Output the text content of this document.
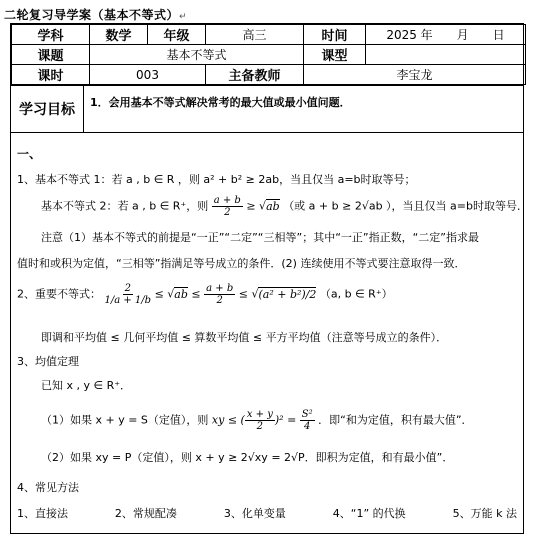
二轮复习导学案（基本不等式）↵
学科	数学	年级	高三	时间	2025 年　　月　　日
课题	基本不等式			课型	
课时	003		主备教师	李宝龙	
学习目标	1．会用基本不等式解决常考的最大值或最小值问题．
一、
1、基本不等式 1：若 a , b ∈ R ，则 a² + b² ≥ 2ab，当且仅当 a=b时取等号；
基本不等式 2：若 a , b ∈ R⁺，则 $\frac{a + b}{2} \ge √ab$ （或 a + b ≥ 2√ab ），当且仅当 a=b时取等号．
注意（1）基本不等式的前提是“一正”“二定”“三相等”；其中“一正”指正数，“二定”指求最
值时和或积为定值，“三相等”指满足等号成立的条件．(2) 连续使用不等式要注意取得一致．
2、重要不等式： $\frac{2}{1/a + 1/b} \le √ab \le \frac{a + b}{2} \le √(a^2 + b^2)/2$ （a, b ∈ R⁺）
即调和平均值 ≤ 几何平均值 ≤ 算数平均值 ≤ 平方平均值（注意等号成立的条件）．
3、均值定理
已知 x , y ∈ R⁺．
（1）如果 x + y = S（定值），则 xy ≤ ( $\frac{x + y}{2} )^2 = \frac{\text{S²}}{4}$ ．即“和为定值，积有最大值”．
（2）如果 xy = P（定值），则 x + y ≥ 2√xy = 2√P．即积为定值，和有最小值”．
4、常见方法
1、直接法	2、常规配凑	3、化单变量	4、“1” 的代换	5、万能 k 法
